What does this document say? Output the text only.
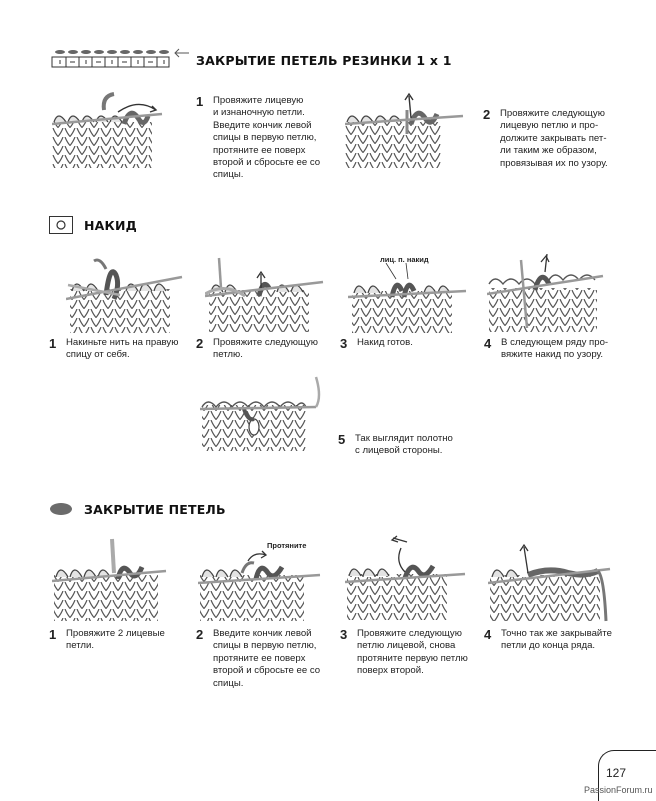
ЗАКРЫТИЕ ПЕТЕЛЬ РЕЗИНКИ 1 x 1
1 Провяжите лицевую
и изнаночную петли.
Введите кончик левой
спицы в первую петлю,
протяните ее поверх
второй и сбросьте ее со
спицы.
2 Провяжите следующую
лицевую петлю и про-
должите закрывать пет-
ли таким же образом,
провязывая их по узору.
НАКИД
1 Накиньте нить на правую
спицу от себя.
2 Провяжите следующую
петлю.
лиц. п. накид
3 Накид готов.	4 В следующем ряду про-
вяжите накид по узору.
5 Так выглядит полотно
с лицевой стороны.
ЗАКРЫТИЕ ПЕТЕЛЬ
1 Провяжите 2 лицевые
петли.
Протяните
2 Введите кончик левой
спицы в первую петлю,
протяните ее поверх
второй и сбросьте ее со
спицы.
3 Провяжите следующую
петлю лицевой, снова
протяните первую петлю
поверх второй.
4 Точно так же закрывайте
петли до конца ряда.
127
PassionForum.ru
